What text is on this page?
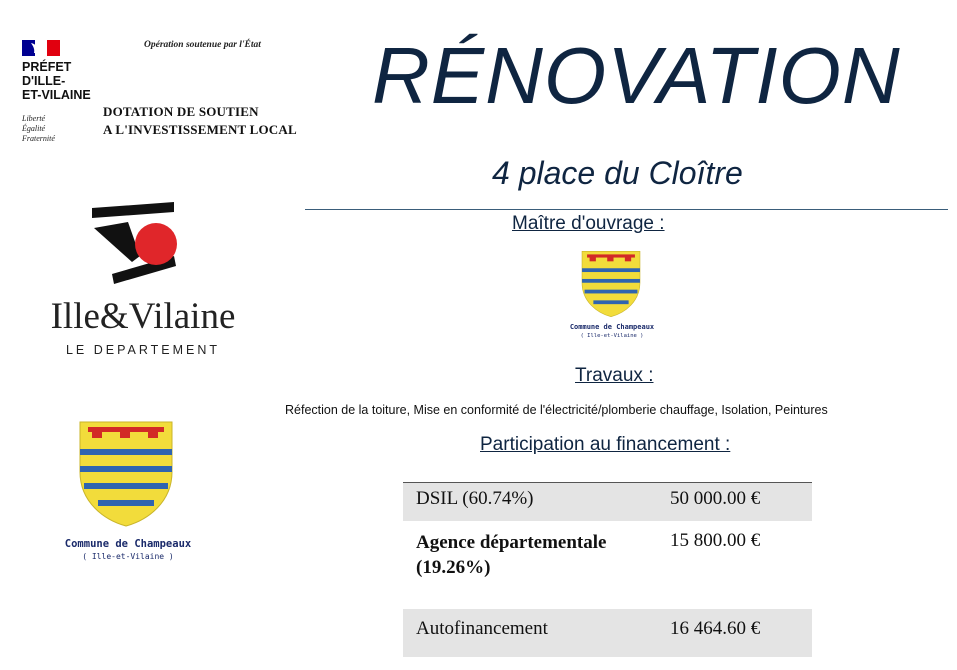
PRÉFET
D'ILLE-
ET-VILAINE
Liberté
Égalité
Fraternité
Opération soutenue par l'État
DOTATION DE SOUTIEN
A L'INVESTISSEMENT LOCAL
RÉNOVATION
4 place du Cloître
Ille&Vilaine
LE DEPARTEMENT
Commune de Champeaux
( Ille-et-Vilaine )
Maître d'ouvrage :
Commune de Champeaux
( Ille-et-Vilaine )
Travaux :
Réfection de la toiture, Mise en conformité de l'électricité/plomberie chauffage, Isolation, Peintures
Participation au financement :
DSIL (60.74%)	50 000.00 €
Agence départementale (19.26%)	15 800.00 €
Autofinancement	16 464.60 €
